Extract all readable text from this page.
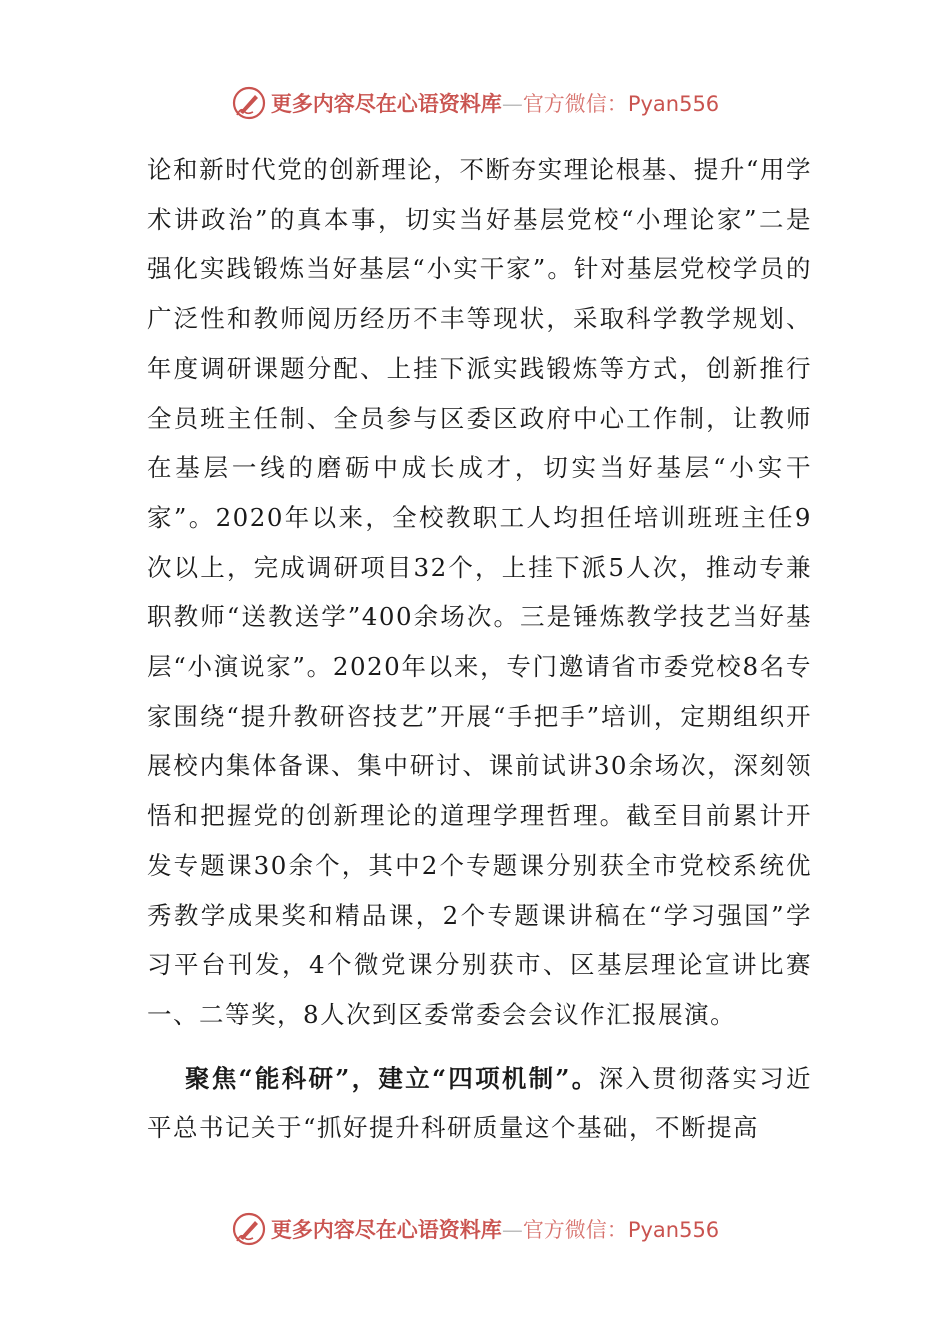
更多内容尽在心语资料库—官方微信：Pyan556

论和新时代党的创新理论，不断夯实理论根基、提升“用学术讲政治”的真本事，切实当好基层党校“小理论家”二是强化实践锻炼当好基层“小实干家”。针对基层党校学员的广泛性和教师阅历经历不丰等现状，采取科学教学规划、年度调研课题分配、上挂下派实践锻炼等方式，创新推行全员班主任制、全员参与区委区政府中心工作制，让教师在基层一线的磨砺中成长成才，切实当好基层“小实干家”。2020年以来，全校教职工人均担任培训班班主任9次以上，完成调研项目32个，上挂下派5人次，推动专兼职教师“送教送学”400余场次。三是锤炼教学技艺当好基层“小演说家”。2020年以来，专门邀请省市委党校8名专家围绕“提升教研咨技艺”开展“手把手”培训，定期组织开展校内集体备课、集中研讨、课前试讲30余场次，深刻领悟和把握党的创新理论的道理学理哲理。截至目前累计开发专题课30余个，其中2个专题课分别获全市党校系统优秀教学成果奖和精品课，2个专题课讲稿在“学习强国”学习平台刊发，4个微党课分别获市、区基层理论宣讲比赛一、二等奖，8人次到区委常委会会议作汇报展演。

聚焦“能科研”，建立“四项机制”。深入贯彻落实习近平总书记关于“抓好提升科研质量这个基础，不断提高

更多内容尽在心语资料库—官方微信：Pyan556
